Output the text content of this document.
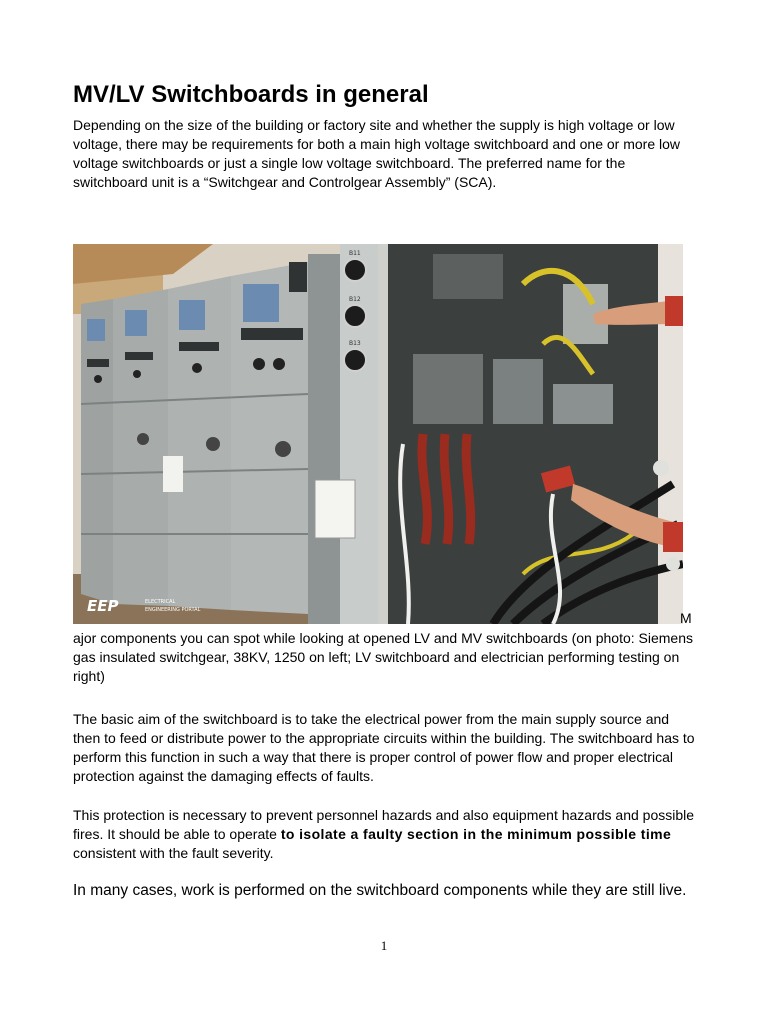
MV/LV Switchboards in general

Depending on the size of the building or factory site and whether the supply is high voltage or low voltage, there may be requirements for both a main high voltage switchboard and one or more low voltage switchboards or just a single low voltage switchboard. The preferred name for the switchboard unit is a “Switchgear and Controlgear Assembly” (SCA).

B11
B12
B13
EEP	ELECTRICAL
ENGINEERING PORTAL	M

ajor components you can spot while looking at opened LV and MV switchboards (on photo: Siemens gas insulated switchgear, 38KV, 1250 on left; LV switchboard and electrician performing testing on right)

The basic aim of the switchboard is to take the electrical power from the main supply source and then to feed or distribute power to the appropriate circuits within the building. The switchboard has to perform this function in such a way that there is proper control of power flow and proper electrical protection against the damaging effects of faults.

This protection is necessary to prevent personnel hazards and also equipment hazards and possible fires. It should be able to operate to isolate a faulty section in the minimum possible time consistent with the fault severity.

In many cases, work is performed on the switchboard components while they are still live.

1
